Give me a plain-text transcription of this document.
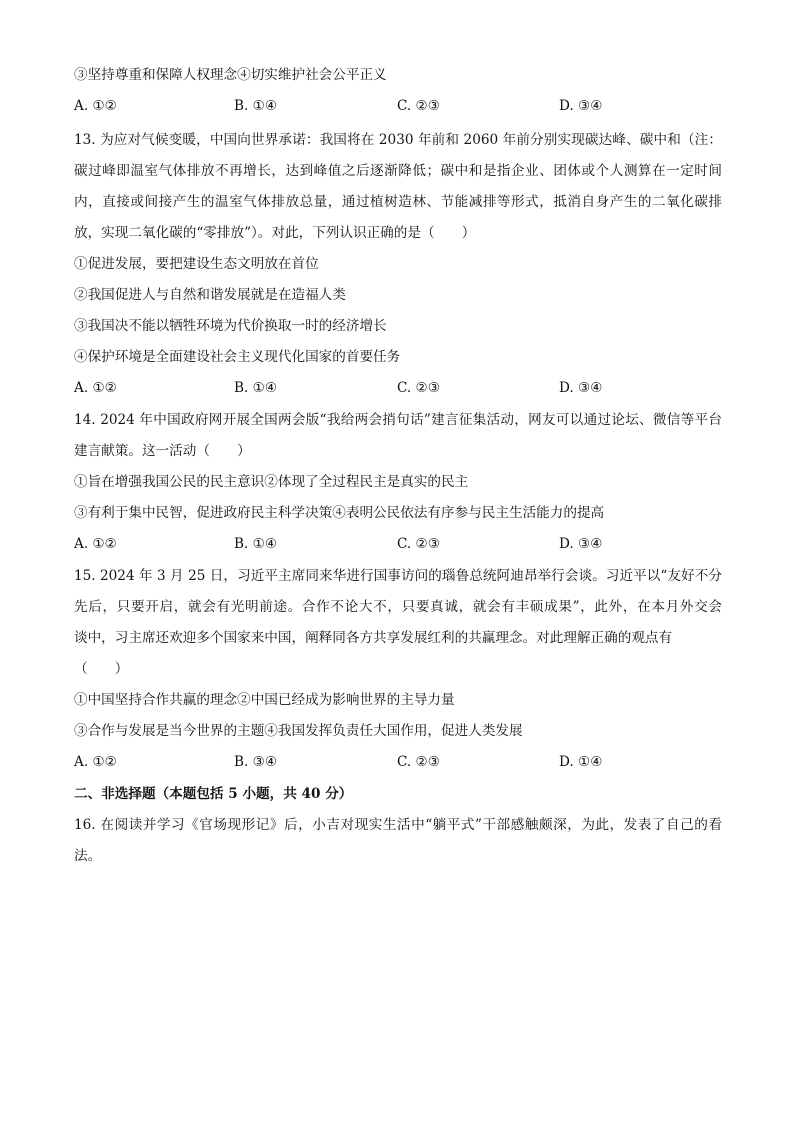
③坚持尊重和保障人权理念④切实维护社会公平正义
A. ①②	B. ①④	C. ②③	D. ③④
13. 为应对气候变暖，中国向世界承诺：我国将在 2030 年前和 2060 年前分别实现碳达峰、碳中和（注：
碳过峰即温室气体排放不再增长，达到峰值之后逐渐降低；碳中和是指企业、团体或个人测算在一定时间
内，直接或间接产生的温室气体排放总量，通过植树造林、节能减排等形式，抵消自身产生的二氧化碳排
放，实现二氧化碳的“零排放”）。对此，下列认识正确的是（　　）
①促进发展，要把建设生态文明放在首位
②我国促进人与自然和谐发展就是在造福人类
③我国决不能以牺牲环境为代价换取一时的经济增长
④保护环境是全面建设社会主义现代化国家的首要任务
A. ①②	B. ①④	C. ②③	D. ③④
14. 2024 年中国政府网开展全国两会版“我给两会捎句话”建言征集活动，网友可以通过论坛、微信等平台
建言献策。这一活动（　　）
①旨在增强我国公民的民主意识②体现了全过程民主是真实的民主
③有利于集中民智，促进政府民主科学决策④表明公民依法有序参与民主生活能力的提高
A. ①②	B. ①④	C. ②③	D. ③④
15. 2024 年 3 月 25 日，习近平主席同来华进行国事访问的瑙鲁总统阿迪昂举行会谈。习近平以“友好不分
先后，只要开启，就会有光明前途。合作不论大不，只要真诚，就会有丰硕成果”，此外，在本月外交会
谈中，习主席还欢迎多个国家来中国，阐释同各方共享发展红利的共赢理念。对此理解正确的观点有
（　　）
①中国坚持合作共赢的理念②中国已经成为影响世界的主导力量
③合作与发展是当今世界的主题④我国发挥负责任大国作用，促进人类发展
A. ①②	B. ③④	C. ②③	D. ①④
二、非选择题（本题包括 5 小题，共 40 分）
16. 在阅读并学习《官场现形记》后，小吉对现实生活中“躺平式”干部感触颇深，为此，发表了自己的看
法。
